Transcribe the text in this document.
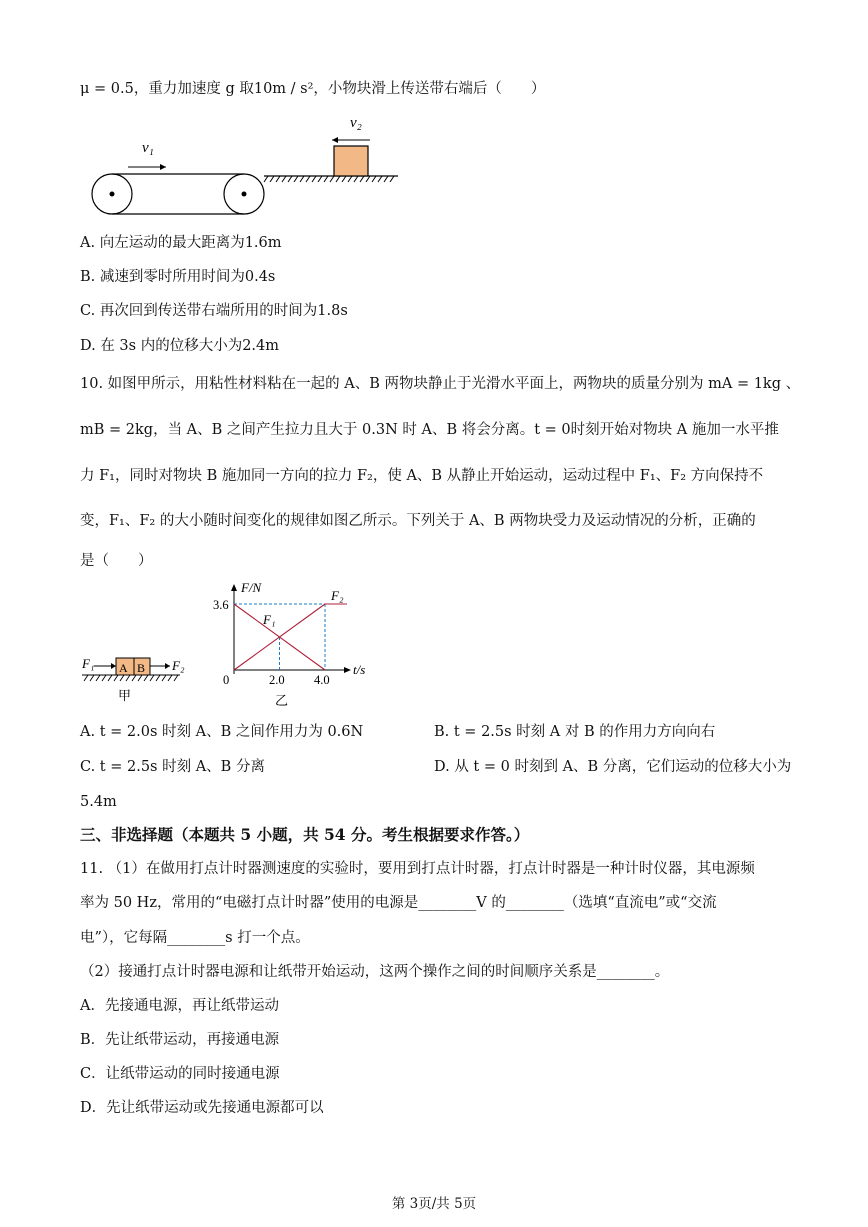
μ = 0.5，重力加速度 g 取10m / s²，小物块滑上传送带右端后（　　）
v₁
v₂
A. 向左运动的最大距离为1.6m
B. 减速到零时所用时间为0.4s
C. 再次回到传送带右端所用的时间为1.8s
D. 在 3s 内的位移大小为2.4m
10. 如图甲所示，用粘性材料粘在一起的 A、B 两物块静止于光滑水平面上，两物块的质量分别为 mA = 1kg 、
mB = 2kg，当 A、B 之间产生拉力且大于 0.3N 时 A、B 将会分离。t = 0时刻开始对物块 A 施加一水平推
力 F₁，同时对物块 B 施加同一方向的拉力 F₂，使 A、B 从静止开始运动，运动过程中 F₁、F₂ 方向保持不
变，F₁、F₂ 的大小随时间变化的规律如图乙所示。下列关于 A、B 两物块受力及运动情况的分析，正确的
是（　　）
F₁ A B F₂
甲
F/N
3.6
0	2.0 4.0
t/s
F₁
F₂
乙
A. t = 2.0s 时刻 A、B 之间作用力为 0.6N	B. t = 2.5s 时刻 A 对 B 的作用力方向向右
C. t = 2.5s 时刻 A、B 分离	D. 从 t = 0 时刻到 A、B 分离，它们运动的位移大小为
5.4m
三、非选择题（本题共 5 小题，共 54 分。考生根据要求作答。）
11. （1）在做用打点计时器测速度的实验时，要用到打点计时器，打点计时器是一种计时仪器，其电源频
率为 50 Hz，常用的“电磁打点计时器”使用的电源是________V 的________（选填“直流电”或“交流
电”），它每隔________s 打一个点。
（2）接通打点计时器电源和让纸带开始运动，这两个操作之间的时间顺序关系是________。
A．先接通电源，再让纸带运动
B．先让纸带运动，再接通电源
C．让纸带运动的同时接通电源
D．先让纸带运动或先接通电源都可以
第 3页/共 5页
